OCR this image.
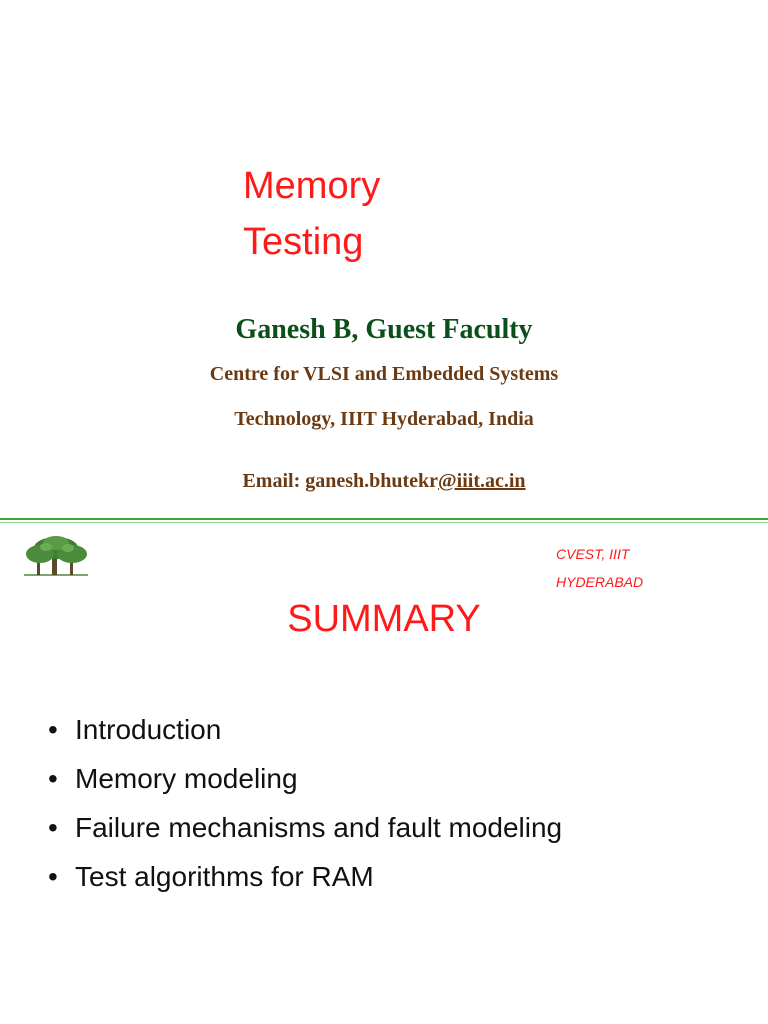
Memory
Testing
Ganesh B, Guest Faculty
Centre for VLSI and Embedded Systems
Technology, IIIT Hyderabad, India
Email: ganesh.bhutekr@iiit.ac.in
CVEST, IIIT HYDERABAD
SUMMARY
• Introduction
• Memory modeling
• Failure mechanisms and fault modeling
• Test algorithms for RAM
